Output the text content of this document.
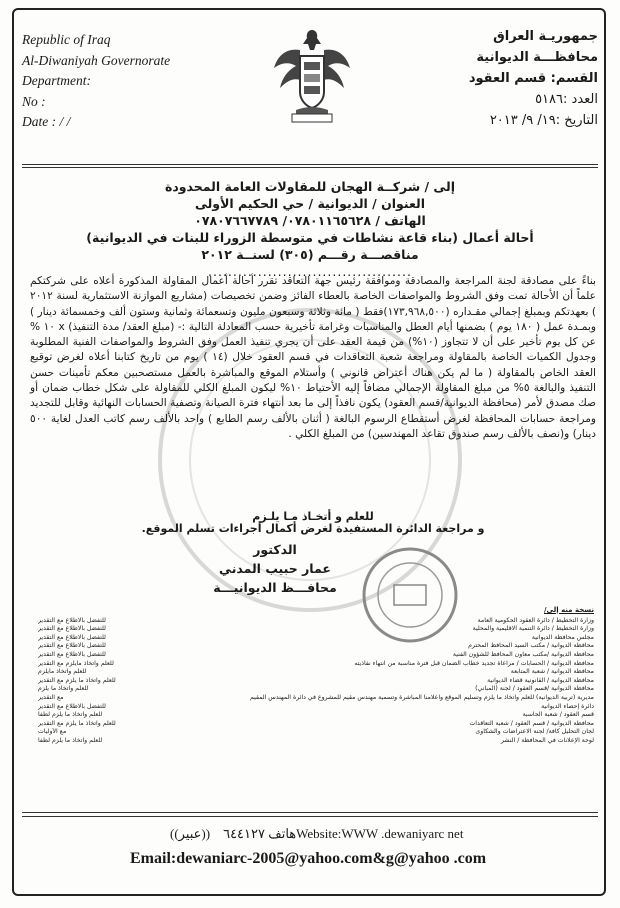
Republic of Iraq
Al-Diwaniyah Governorate
Department:
No :
Date : / /
جمهوريـة العراق
محافظـــة الديوانية
القسم: قسم العقود
العدد :٥١٨٦
التاريخ :١٩/ ٩/ ٢٠١٣
إلى / شركــة الهجان للمقاولات العامة المحدودة
العنوان / الديوانية / حي الحكيم الأولى
الهاتف / ٠٧٨٠١١٦٥٦٢٨/ ٠٧٨٠٧٦٦٧٧٨٩
أحالة أعمال (بناء قاعة نشاطات في متوسطة الزوراء للبنات في الديوانية)
مناقصـــة رقـــم (٣٠٥) لسنــة ٢٠١٢
.........................................

بناءً على مصادقة لجنة المراجعة والمصادقة وموافقة رئيس جهة التعاقد تقرر أحالة أعمال المقاولة المذكورة أعلاه على شركتكم علماً أن الأحالة تمت وفق الشروط والمواصفات الخاصة بالعطاء الفائز وضمن تخصيصات (مشاريع الموازنة الاستثمارية لسنة ٢٠١٢ ) بعهدتكم وبمبلغ إجمالي مقـداره (١٧٣,٩٦٨,٥٠٠)فقط ( مائة وثلاثة وسبعون مليون وتسعمائة وثمانية وستون ألف وخمسمائة دينار ) وبمـدة عمل ( ١٨٠ يوم ) بضمنها أيام العطل والمناسبات وغرامة تأخيرية حسب المعادلة التالية :- (مبلغ العقد/ مدة التنفيذ) x ١٠ % عن كل يوم تأخير على أن لا تتجاوز (١٠%) من قيمة العقد على أن يجري تنفيذ العمل وفق الشروط والمواصفات الفنية المطلوبة وجدول الكميات الخاصة بالمقاولة ومراجعة شعبة التعاقدات في قسم العقود خلال (١٤ ) يوم من تاريخ كتابنا أعلاه لغرض توقيع العقد الخاص بالمقاولة ( ما لم يكن هناك أعتراض قانوني ) وأستلام الموقع والمباشرة بالعمل مستصحبين معكم تأمينات حسن التنفيذ والبالغة ٥% من مبلغ المقاولة الإجمالي مضافاً إليه الأحتياط ١٠% ليكون المبلغ الكلي للمقاولة على شكل خطاب ضمان أو صك مصدق لأمر (محافظة الديوانية/قسم العقود) يكون نافذاً إلى ما بعد أنتهاء فترة الصيانة وتصفية الحسابات النهائية وقابل للتجديد ومراجعة حسابات المحافظة لغرض أستقطاع الرسوم البالغة ( أثنان بالألف رسم الطابع ) واحد بالألف رسم كاتب العدل لغاية ٥٠٠ دينار) و(نصف بالألف رسم صندوق تقاعد المهندسين) من المبلغ الكلي .

للعلم و أتخـاذ مـا يلـزم
و مراجعة الدائرة المستفيدة لغرض أكمال أجراءات تسلم الموقع.
الدكتور
عمار حبيب المدني
محافـــظ الديوانيـــة
نسخة منه إلى/
وزارة التخطيط / دائرة العقود الحكومية العامة
للتفضل بالاطلاع مع التقدير
وزارة التخطيط / دائرة التنمية الاقليمية والمحلية
للتفضل بالاطلاع مع التقدير
مجلس محافظة الديوانية
للتفضل بالاطلاع مع التقدير
محافظة الديوانية / مكتب السيد المحافظ المحترم
للتفضل بالاطلاع مع التقدير
محافظة الديوانية /مكتب معاون المحافظ للشؤون الفنية
للتفضل بالاطلاع مع التقدير
محافظة الديوانية / الحسابات / مراعاة تجديد خطاب الضمان قبل فترة مناسبة من انتهاء نفاذيته
للعلم واتخاذ مايلزم مع التقدير
محافظة الديوانية / شعبة المتابعة
للعلم واتخاذ مايلزم
محافظة الديوانية / القانونية قضاء الديوانية
للعلم واتخاذ ما يلزم مع التقدير
محافظة الديوانية /قسم العقود / لجنة (المباني)
للعلم واتخاذ ما يلزم
مديرية (تربية الديوانية) للعلم واتخاذ ما يلزم وتسليم الموقع واعلامنا المباشرة وتسمية مهندس مقيم للمشروع في دائرة المهندس المقيم
مع التقدير
دائرة إحصاء الديوانية
للتفضل بالاطلاع مع التقدير
قسم العقود / شعبة الحاسبة
للعلم واتخاذ ما يلزم لطفاً
محافظة الديوانية / قسم العقود / شعبة التعاقدات
للعلم واتخاذ ما يلزم مع التقدير
لجان التحليل كافة/ لجنة الاعتراضات والشكاوى
مع الأوليات
لوحة الإعلانات في المحافظة / النشر
للعلم واتخاذ ما يلزم لطفاً
هاتف ٦٤٤١٢٧    ((عبير))Website:WWW .dewaniyarc net
Email:dewaniarc-2005@yahoo.com&g@yahoo .com
